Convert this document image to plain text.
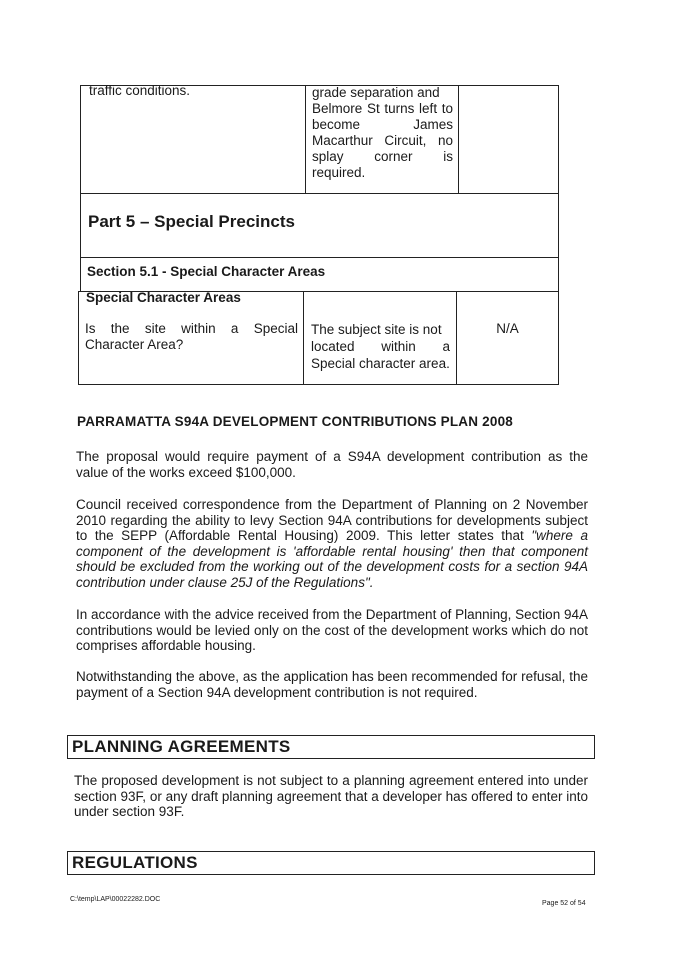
traffic conditions.	grade separation and
Belmore St turns left to
become James
Macarthur Circuit, no
splay corner is
required.
Part 5 – Special Precincts
Section 5.1 - Special Character Areas
Special Character Areas
Is the site within a Special
Character Area?
The subject site is not
located within a
Special character area.
N/A
PARRAMATTA S94A DEVELOPMENT CONTRIBUTIONS PLAN 2008
The proposal would require payment of a S94A development contribution as the value of the works exceed $100,000.
Council received correspondence from the Department of Planning on 2 November 2010 regarding the ability to levy Section 94A contributions for developments subject to the SEPP (Affordable Rental Housing) 2009. This letter states that "where a component of the development is 'affordable rental housing' then that component should be excluded from the working out of the development costs for a section 94A contribution under clause 25J of the Regulations".
In accordance with the advice received from the Department of Planning, Section 94A contributions would be levied only on the cost of the development works which do not comprises affordable housing.
Notwithstanding the above, as the application has been recommended for refusal, the payment of a Section 94A development contribution is not required.
PLANNING AGREEMENTS
The proposed development is not subject to a planning agreement entered into under section 93F, or any draft planning agreement that a developer has offered to enter into under section 93F.
REGULATIONS
C:\temp\LAP\00022282.DOC
Page 52 of 54
